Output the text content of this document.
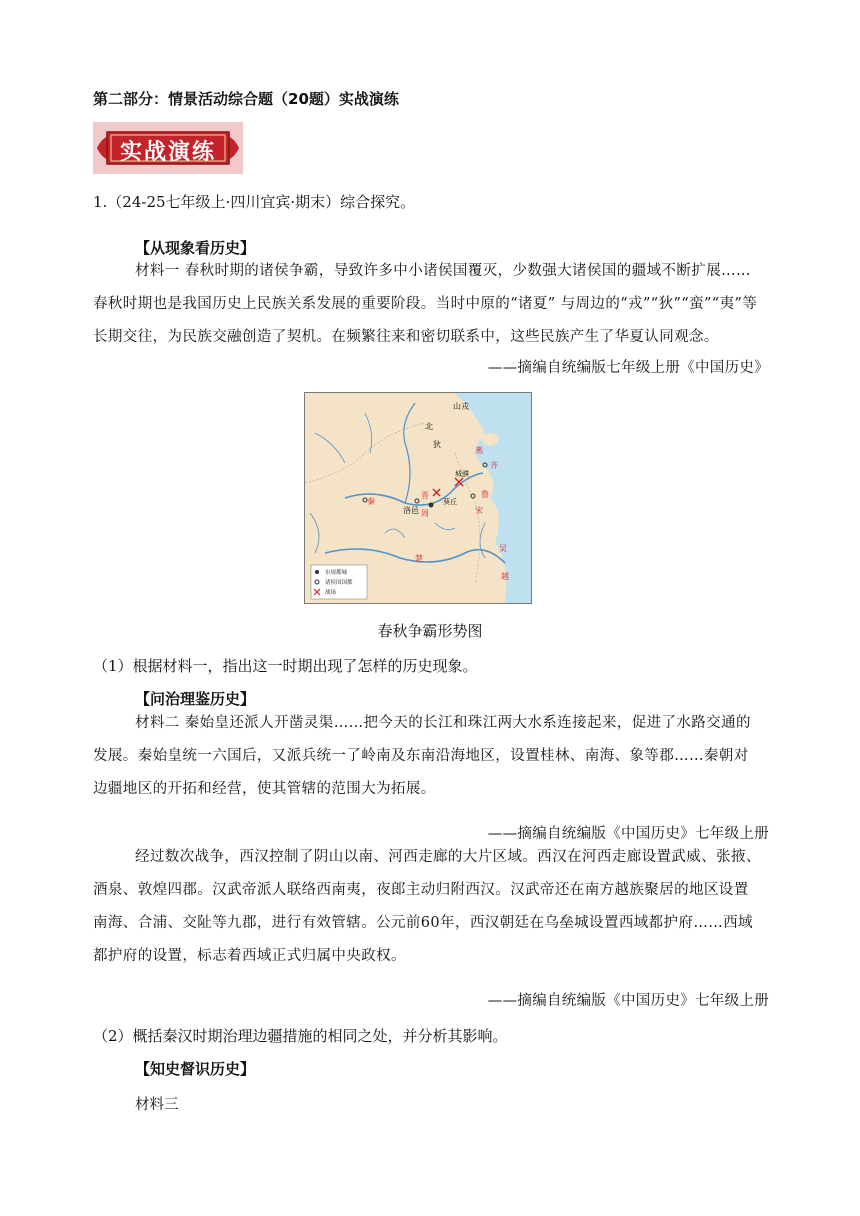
第二部分：情景活动综合题（20题）实战演练
实战演练
1.（24-25七年级上·四川宜宾·期末）综合探究。
【从现象看历史】
材料一 春秋时期的诸侯争霸，导致许多中小诸侯国覆灭，少数强大诸侯国的疆域不断扩展……
春秋时期也是我国历史上民族关系发展的重要阶段。当时中原的“诸夏” 与周边的“戎”“狄”“蛮”“夷”等
长期交往，为民族交融创造了契机。在频繁往来和密切联系中，这些民族产生了华夏认同观念。
——摘编自统编版七年级上册《中国历史》
山戎
北
狄
燕
齐
秦
晋
洛邑 周
城濮
鲁
宋
葵丘
楚
吴
越
东周都城
诸侯国国都
战场
春秋争霸形势图
（1）根据材料一，指出这一时期出现了怎样的历史现象。
【问治理鉴历史】
材料二 秦始皇还派人开凿灵渠……把今天的长江和珠江两大水系连接起来，促进了水路交通的
发展。秦始皇统一六国后，又派兵统一了岭南及东南沿海地区，设置桂林、南海、象等郡……秦朝对
边疆地区的开拓和经营，使其管辖的范围大为拓展。
——摘编自统编版《中国历史》七年级上册
经过数次战争，西汉控制了阴山以南、河西走廊的大片区域。西汉在河西走廊设置武威、张掖、
酒泉、敦煌四郡。汉武帝派人联络西南夷，夜郎主动归附西汉。汉武帝还在南方越族聚居的地区设置
南海、合浦、交阯等九郡，进行有效管辖。公元前60年，西汉朝廷在乌垒城设置西域都护府……西域
都护府的设置，标志着西域正式归属中央政权。
——摘编自统编版《中国历史》七年级上册
（2）概括秦汉时期治理边疆措施的相同之处，并分析其影响。
【知史督识历史】
材料三
